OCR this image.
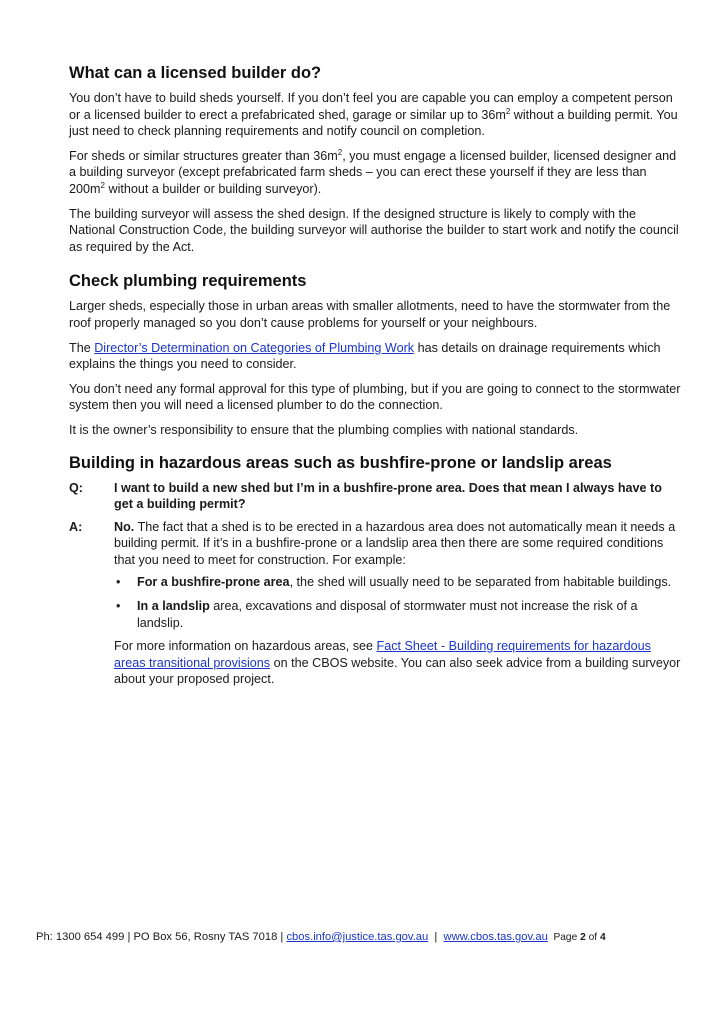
What can a licensed builder do?

You don’t have to build sheds yourself. If you don’t feel you are capable you can employ a competent person or a licensed builder to erect a prefabricated shed, garage or similar up to $36m^2$ without a building permit. You just need to check planning requirements and notify council on completion.

For sheds or similar structures greater than $36m^2$, you must engage a licensed builder, licensed designer and a building surveyor (except prefabricated farm sheds – you can erect these yourself if they are less than $200m^2$ without a builder or building surveyor).

The building surveyor will assess the shed design. If the designed structure is likely to comply with the National Construction Code, the building surveyor will authorise the builder to start work and notify the council as required by the Act.

Check plumbing requirements

Larger sheds, especially those in urban areas with smaller allotments, need to have the stormwater from the roof properly managed so you don’t cause problems for yourself or your neighbours.

The Director’s Determination on Categories of Plumbing Work has details on drainage requirements which explains the things you need to consider.

You don’t need any formal approval for this type of plumbing, but if you are going to connect to the stormwater system then you will need a licensed plumber to do the connection.

It is the owner’s responsibility to ensure that the plumbing complies with national standards.

Building in hazardous areas such as bushfire-prone or landslip areas
Q:	I want to build a new shed but I’m in a bushfire-prone area. Does that mean I always have to get a building permit?
A:	No. The fact that a shed is to be erected in a hazardous area does not automatically mean it needs a building permit. If it’s in a bushfire-prone or a landslip area then there are some required conditions that you need to meet for construction. For example:
•	For a bushfire-prone area, the shed will usually need to be separated from habitable buildings.
•	In a landslip area, excavations and disposal of stormwater must not increase the risk of a landslip.
For more information on hazardous areas, see Fact Sheet - Building requirements for hazardous areas transitional provisions on the CBOS website. You can also seek advice from a building surveyor about your proposed project.
Ph: 1300 654 499 | PO Box 56, Rosny TAS 7018 | cbos.info@justice.tas.gov.au  |  www.cbos.tas.gov.au  Page 2 of 4
